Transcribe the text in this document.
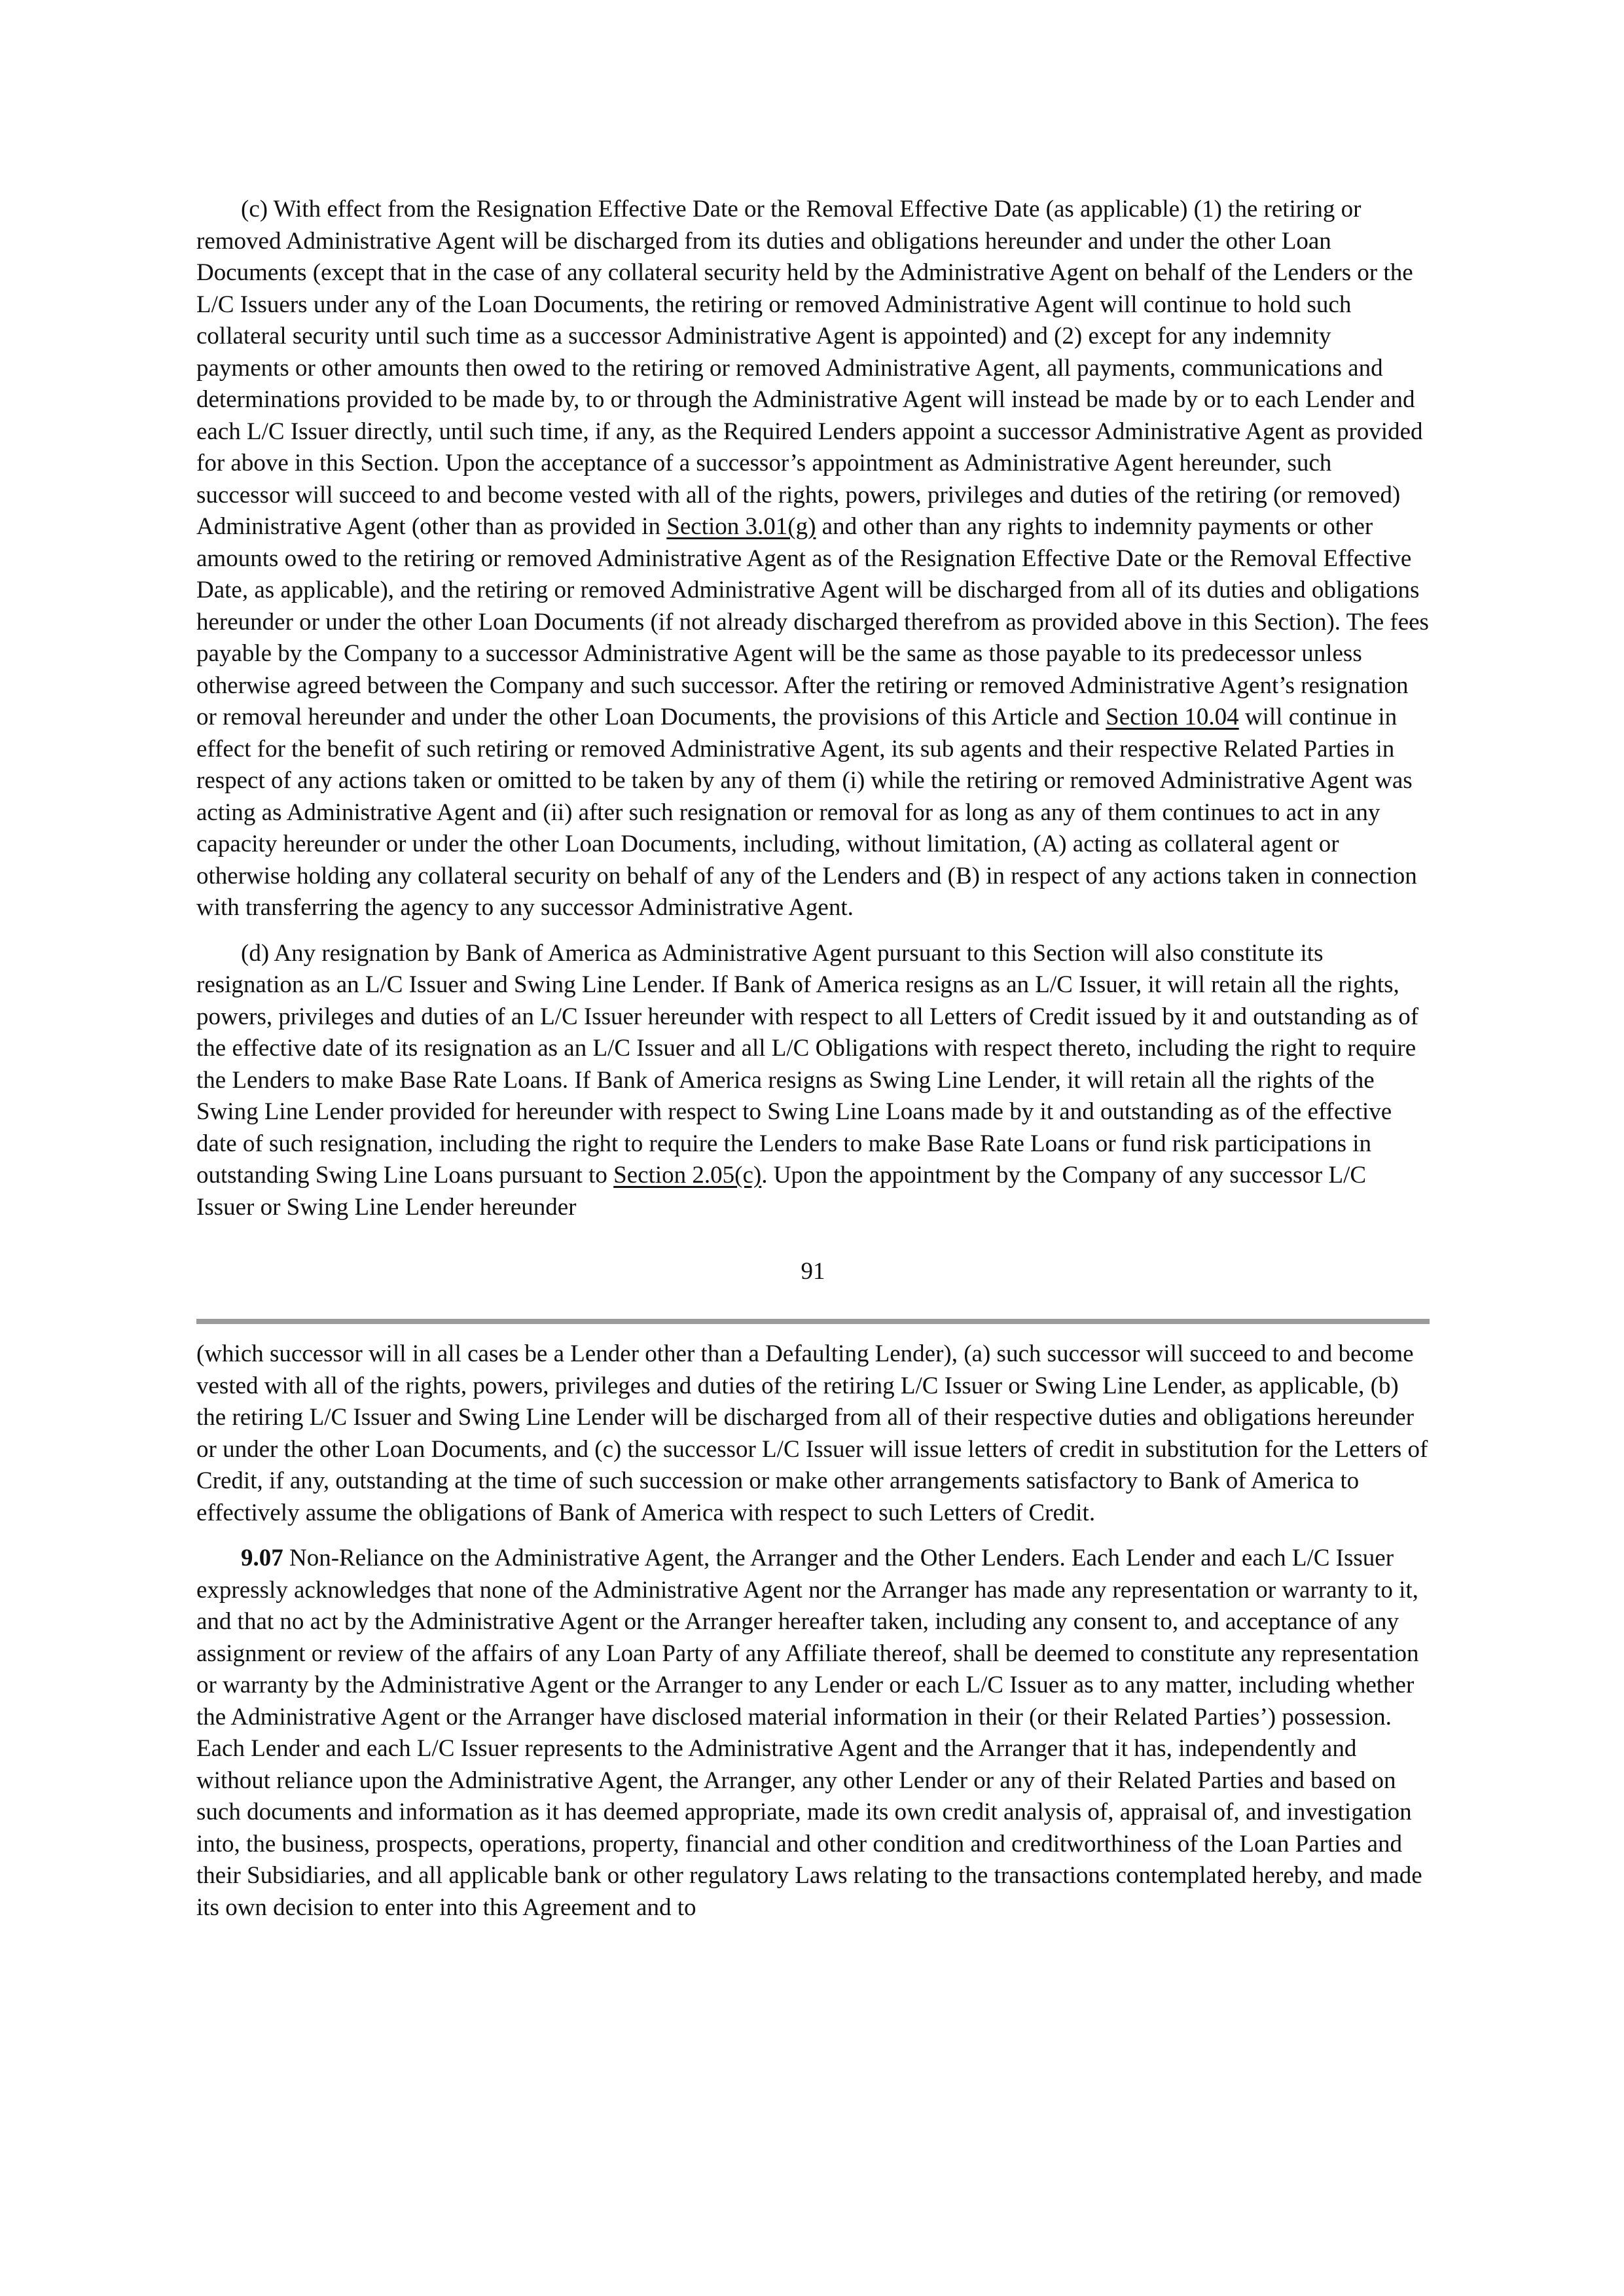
(c) With effect from the Resignation Effective Date or the Removal Effective Date (as applicable) (1) the retiring or removed Administrative Agent will be discharged from its duties and obligations hereunder and under the other Loan Documents (except that in the case of any collateral security held by the Administrative Agent on behalf of the Lenders or the L/C Issuers under any of the Loan Documents, the retiring or removed Administrative Agent will continue to hold such collateral security until such time as a successor Administrative Agent is appointed) and (2) except for any indemnity payments or other amounts then owed to the retiring or removed Administrative Agent, all payments, communications and determinations provided to be made by, to or through the Administrative Agent will instead be made by or to each Lender and each L/C Issuer directly, until such time, if any, as the Required Lenders appoint a successor Administrative Agent as provided for above in this Section. Upon the acceptance of a successor’s appointment as Administrative Agent hereunder, such successor will succeed to and become vested with all of the rights, powers, privileges and duties of the retiring (or removed) Administrative Agent (other than as provided in Section 3.01(g) and other than any rights to indemnity payments or other amounts owed to the retiring or removed Administrative Agent as of the Resignation Effective Date or the Removal Effective Date, as applicable), and the retiring or removed Administrative Agent will be discharged from all of its duties and obligations hereunder or under the other Loan Documents (if not already discharged therefrom as provided above in this Section). The fees payable by the Company to a successor Administrative Agent will be the same as those payable to its predecessor unless otherwise agreed between the Company and such successor. After the retiring or removed Administrative Agent’s resignation or removal hereunder and under the other Loan Documents, the provisions of this Article and Section 10.04 will continue in effect for the benefit of such retiring or removed Administrative Agent, its sub agents and their respective Related Parties in respect of any actions taken or omitted to be taken by any of them (i) while the retiring or removed Administrative Agent was acting as Administrative Agent and (ii) after such resignation or removal for as long as any of them continues to act in any capacity hereunder or under the other Loan Documents, including, without limitation, (A) acting as collateral agent or otherwise holding any collateral security on behalf of any of the Lenders and (B) in respect of any actions taken in connection with transferring the agency to any successor Administrative Agent.

(d) Any resignation by Bank of America as Administrative Agent pursuant to this Section will also constitute its resignation as an L/C Issuer and Swing Line Lender. If Bank of America resigns as an L/C Issuer, it will retain all the rights, powers, privileges and duties of an L/C Issuer hereunder with respect to all Letters of Credit issued by it and outstanding as of the effective date of its resignation as an L/C Issuer and all L/C Obligations with respect thereto, including the right to require the Lenders to make Base Rate Loans. If Bank of America resigns as Swing Line Lender, it will retain all the rights of the Swing Line Lender provided for hereunder with respect to Swing Line Loans made by it and outstanding as of the effective date of such resignation, including the right to require the Lenders to make Base Rate Loans or fund risk participations in outstanding Swing Line Loans pursuant to Section 2.05(c). Upon the appointment by the Company of any successor L/C Issuer or Swing Line Lender hereunder

91

(which successor will in all cases be a Lender other than a Defaulting Lender), (a) such successor will succeed to and become vested with all of the rights, powers, privileges and duties of the retiring L/C Issuer or Swing Line Lender, as applicable, (b) the retiring L/C Issuer and Swing Line Lender will be discharged from all of their respective duties and obligations hereunder or under the other Loan Documents, and (c) the successor L/C Issuer will issue letters of credit in substitution for the Letters of Credit, if any, outstanding at the time of such succession or make other arrangements satisfactory to Bank of America to effectively assume the obligations of Bank of America with respect to such Letters of Credit.

9.07 Non-Reliance on the Administrative Agent, the Arranger and the Other Lenders. Each Lender and each L/C Issuer expressly acknowledges that none of the Administrative Agent nor the Arranger has made any representation or warranty to it, and that no act by the Administrative Agent or the Arranger hereafter taken, including any consent to, and acceptance of any assignment or review of the affairs of any Loan Party of any Affiliate thereof, shall be deemed to constitute any representation or warranty by the Administrative Agent or the Arranger to any Lender or each L/C Issuer as to any matter, including whether the Administrative Agent or the Arranger have disclosed material information in their (or their Related Parties’) possession. Each Lender and each L/C Issuer represents to the Administrative Agent and the Arranger that it has, independently and without reliance upon the Administrative Agent, the Arranger, any other Lender or any of their Related Parties and based on such documents and information as it has deemed appropriate, made its own credit analysis of, appraisal of, and investigation into, the business, prospects, operations, property, financial and other condition and creditworthiness of the Loan Parties and their Subsidiaries, and all applicable bank or other regulatory Laws relating to the transactions contemplated hereby, and made its own decision to enter into this Agreement and to
